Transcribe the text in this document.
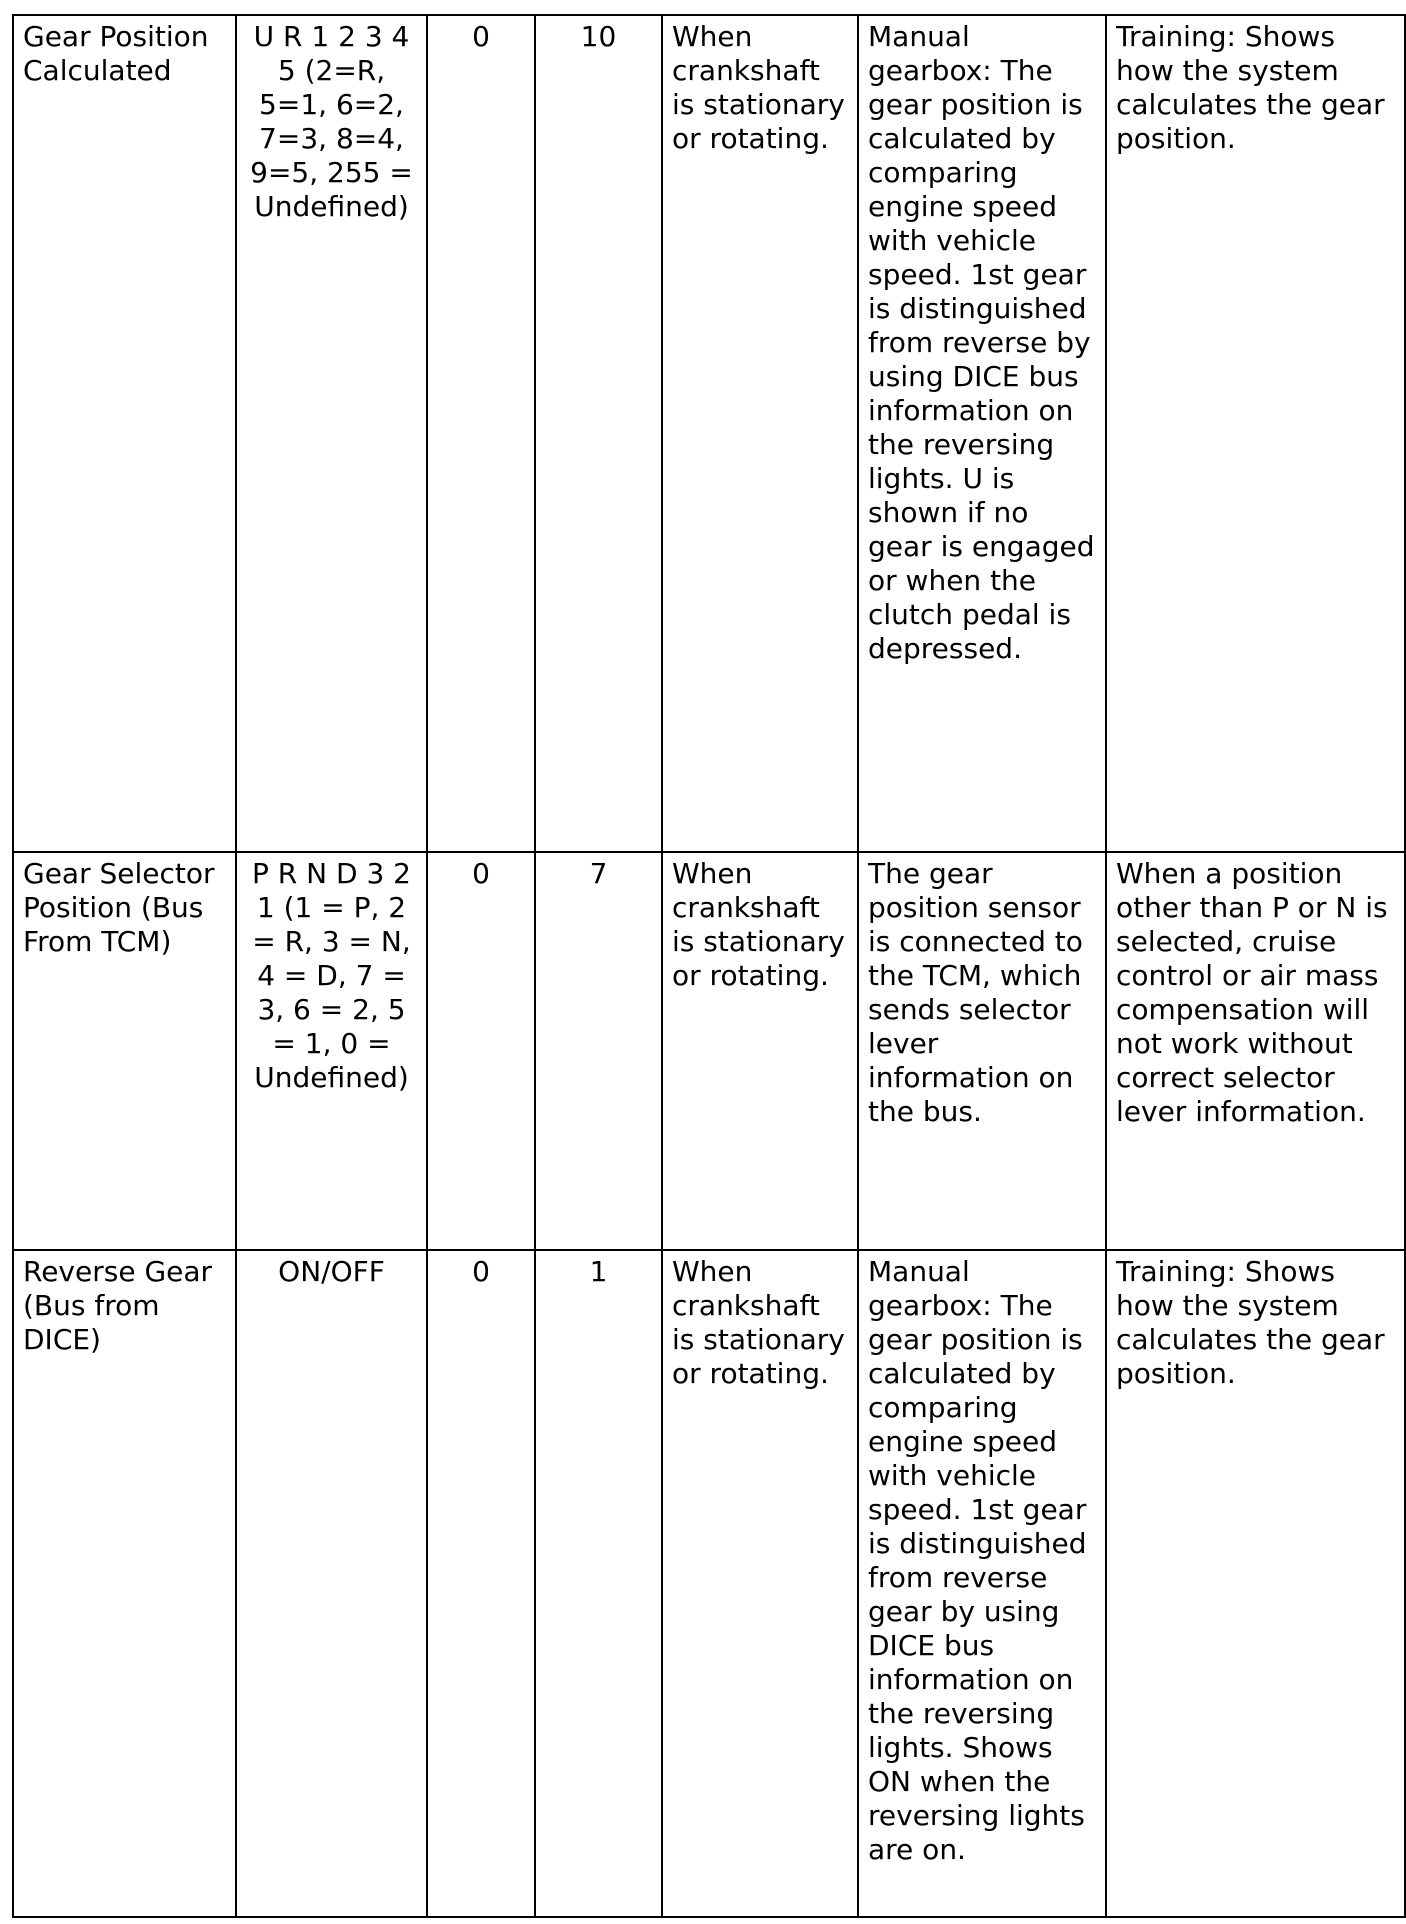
Gear Position Calculated	U R 1 2 3 4 5 (2=R, 5=1, 6=2, 7=3, 8=4, 9=5, 255 = Undefined)	0	10	When crankshaft is stationary or rotating.	Manual gearbox: The gear position is calculated by comparing engine speed with vehicle speed. 1st gear is distinguished from reverse by using DICE bus information on the reversing lights. U is shown if no gear is engaged or when the clutch pedal is depressed.	Training: Shows how the system calculates the gear position.
Gear Selector Position (Bus From TCM)	P R N D 3 2 1 (1 = P, 2 = R, 3 = N, 4 = D, 7 = 3, 6 = 2, 5 = 1, 0 = Undefined)	0	7	When crankshaft is stationary or rotating.	The gear position sensor is connected to the TCM, which sends selector lever information on the bus.	When a position other than P or N is selected, cruise control or air mass compensation will not work without correct selector lever information.
Reverse Gear (Bus from DICE)	ON/OFF	0	1	When crankshaft is stationary or rotating.	Manual gearbox: The gear position is calculated by comparing engine speed with vehicle speed. 1st gear is distinguished from reverse gear by using DICE bus information on the reversing lights. Shows ON when the reversing lights are on.	Training: Shows how the system calculates the gear position.
